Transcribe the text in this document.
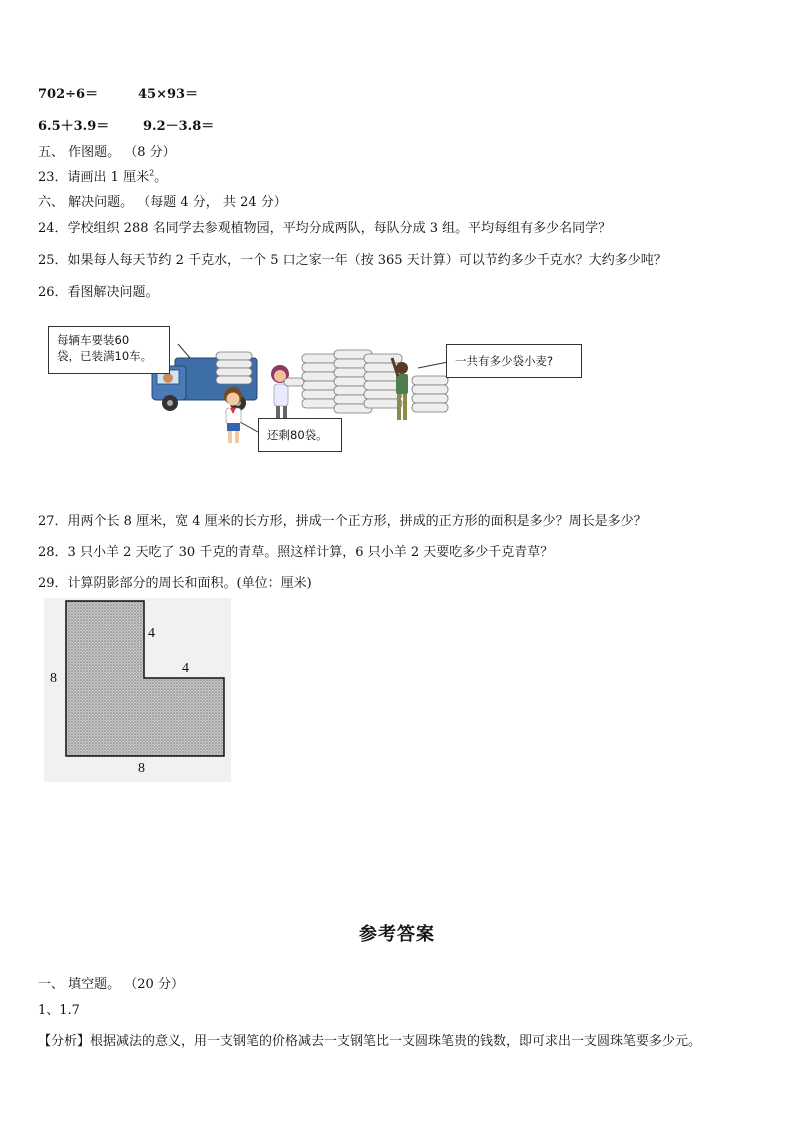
702÷6＝	45×93＝
6.5＋3.9＝	9.2－3.8＝
五、 作图题。 （8 分）
23．请画出 1 厘米$^2$。
六、 解决问题。 （每题 4 分， 共 24 分）
24．学校组织 288 名同学去参观植物园，平均分成两队，每队分成 3 组。平均每组有多少名同学？
25．如果每人每天节约 2 千克水，一个 5 口之家一年（按 365 天计算）可以节约多少千克水？大约多少吨？
26．看图解决问题。
每辆车要装60
袋，已装满10车。	一共有多少袋小麦?
还剩80袋。
27．用两个长 8 厘米，宽 4 厘米的长方形，拼成一个正方形，拼成的正方形的面积是多少？周长是多少？
28．3 只小羊 2 天吃了 30 千克的青草。照这样计算，6 只小羊 2 天要吃多少千克青草？
29．计算阴影部分的周长和面积。(单位：厘米)
4
4
8
8
参考答案
一、 填空题。 （20 分）
1、1.7
【分析】根据减法的意义，用一支钢笔的价格减去一支钢笔比一支圆珠笔贵的钱数，即可求出一支圆珠笔要多少元。
